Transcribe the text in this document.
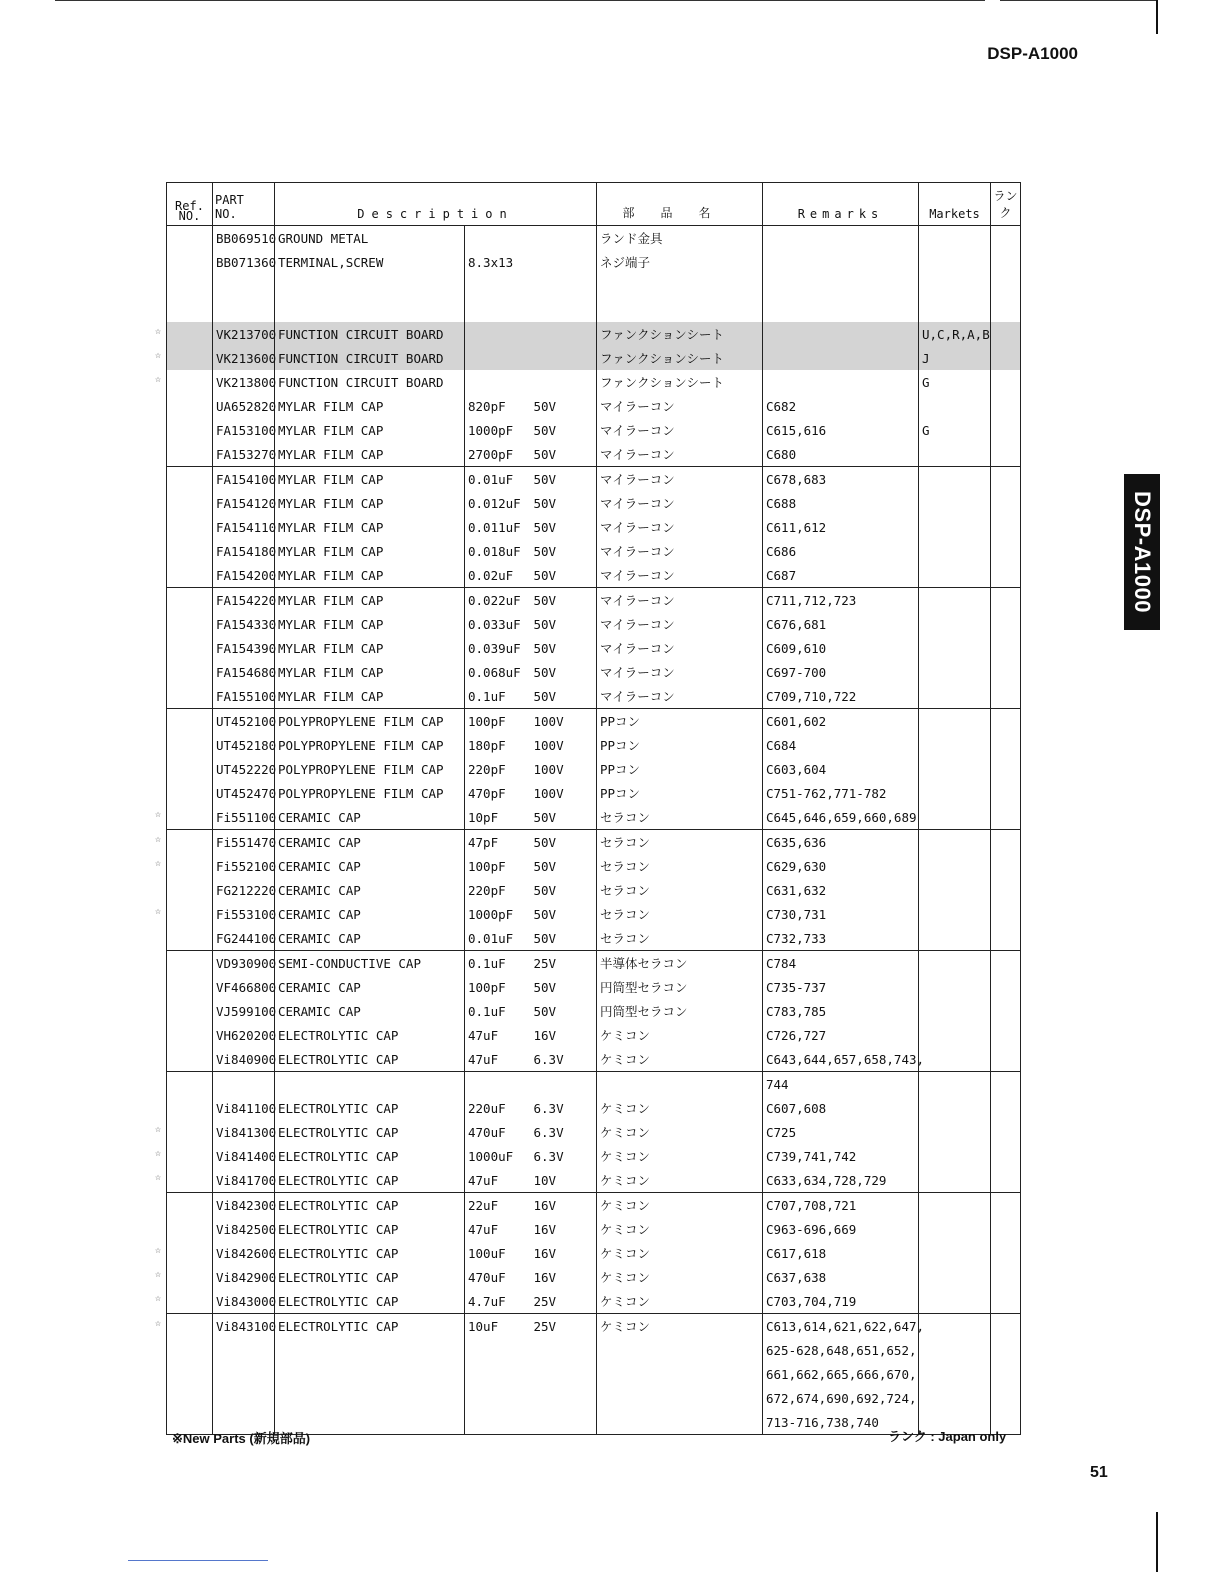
DSP-A1000
DSP-A1000
Ref. NO.	PART NO.	Description			部品名	Remarks	Markets	ランク
	BB069510	GROUND METAL			ランド金具			
	BB071360	TERMINAL,SCREW	8.3x13		ネジ端子			

☆	VK213700	FUNCTION CIRCUIT BOARD			ファンクションシート		U,C,R,A,B	

☆	VK213600	FUNCTION CIRCUIT BOARD			ファンクションシート		J	

☆	VK213800	FUNCTION CIRCUIT BOARD			ファンクションシート		G	
	UA652820	MYLAR FILM CAP	820pF	50V	マイラーコン	C682		
	FA153100	MYLAR FILM CAP	1000pF	50V	マイラーコン	C615,616	G	
	FA153270	MYLAR FILM CAP	2700pF	50V	マイラーコン	C680		
	FA154100	MYLAR FILM CAP	0.01uF	50V	マイラーコン	C678,683		
	FA154120	MYLAR FILM CAP	0.012uF	50V	マイラーコン	C688		
	FA154110	MYLAR FILM CAP	0.011uF	50V	マイラーコン	C611,612		
	FA154180	MYLAR FILM CAP	0.018uF	50V	マイラーコン	C686		
	FA154200	MYLAR FILM CAP	0.02uF	50V	マイラーコン	C687		
	FA154220	MYLAR FILM CAP	0.022uF	50V	マイラーコン	C711,712,723		
	FA154330	MYLAR FILM CAP	0.033uF	50V	マイラーコン	C676,681		
	FA154390	MYLAR FILM CAP	0.039uF	50V	マイラーコン	C609,610		
	FA154680	MYLAR FILM CAP	0.068uF	50V	マイラーコン	C697-700		
	FA155100	MYLAR FILM CAP	0.1uF	50V	マイラーコン	C709,710,722		
	UT452100	POLYPROPYLENE FILM CAP	100pF	100V	PPコン	C601,602		
	UT452180	POLYPROPYLENE FILM CAP	180pF	100V	PPコン	C684		
	UT452220	POLYPROPYLENE FILM CAP	220pF	100V	PPコン	C603,604		
	UT452470	POLYPROPYLENE FILM CAP	470pF	100V	PPコン	C751-762,771-782		

☆	Fi551100	CERAMIC CAP	10pF	50V	セラコン	C645,646,659,660,689		

☆	Fi551470	CERAMIC CAP	47pF	50V	セラコン	C635,636		

☆	Fi552100	CERAMIC CAP	100pF	50V	セラコン	C629,630		
	FG212220	CERAMIC CAP	220pF	50V	セラコン	C631,632		

☆	Fi553100	CERAMIC CAP	1000pF	50V	セラコン	C730,731		
	FG244100	CERAMIC CAP	0.01uF	50V	セラコン	C732,733		
	VD930900	SEMI-CONDUCTIVE CAP	0.1uF	25V	半導体セラコン	C784		
	VF466800	CERAMIC CAP	100pF	50V	円筒型セラコン	C735-737		
	VJ599100	CERAMIC CAP	0.1uF	50V	円筒型セラコン	C783,785		
	VH620200	ELECTROLYTIC CAP	47uF	16V	ケミコン	C726,727		
	Vi840900	ELECTROLYTIC CAP	47uF	6.3V	ケミコン	C643,644,657,658,743,		
						744		
	Vi841100	ELECTROLYTIC CAP	220uF	6.3V	ケミコン	C607,608		

☆	Vi841300	ELECTROLYTIC CAP	470uF	6.3V	ケミコン	C725		

☆	Vi841400	ELECTROLYTIC CAP	1000uF	6.3V	ケミコン	C739,741,742		

☆	Vi841700	ELECTROLYTIC CAP	47uF	10V	ケミコン	C633,634,728,729		
	Vi842300	ELECTROLYTIC CAP	22uF	16V	ケミコン	C707,708,721		
	Vi842500	ELECTROLYTIC CAP	47uF	16V	ケミコン	C963-696,669		

☆	Vi842600	ELECTROLYTIC CAP	100uF	16V	ケミコン	C617,618		

☆	Vi842900	ELECTROLYTIC CAP	470uF	16V	ケミコン	C637,638		

☆	Vi843000	ELECTROLYTIC CAP	4.7uF	25V	ケミコン	C703,704,719		

☆	Vi843100	ELECTROLYTIC CAP	10uF	25V	ケミコン	C613,614,621,622,647,		
						625-628,648,651,652,		
						661,662,665,666,670,		
						672,674,690,692,724,		
						713-716,738,740		
※New Parts (新規部品)	ランク : Japan only
51
